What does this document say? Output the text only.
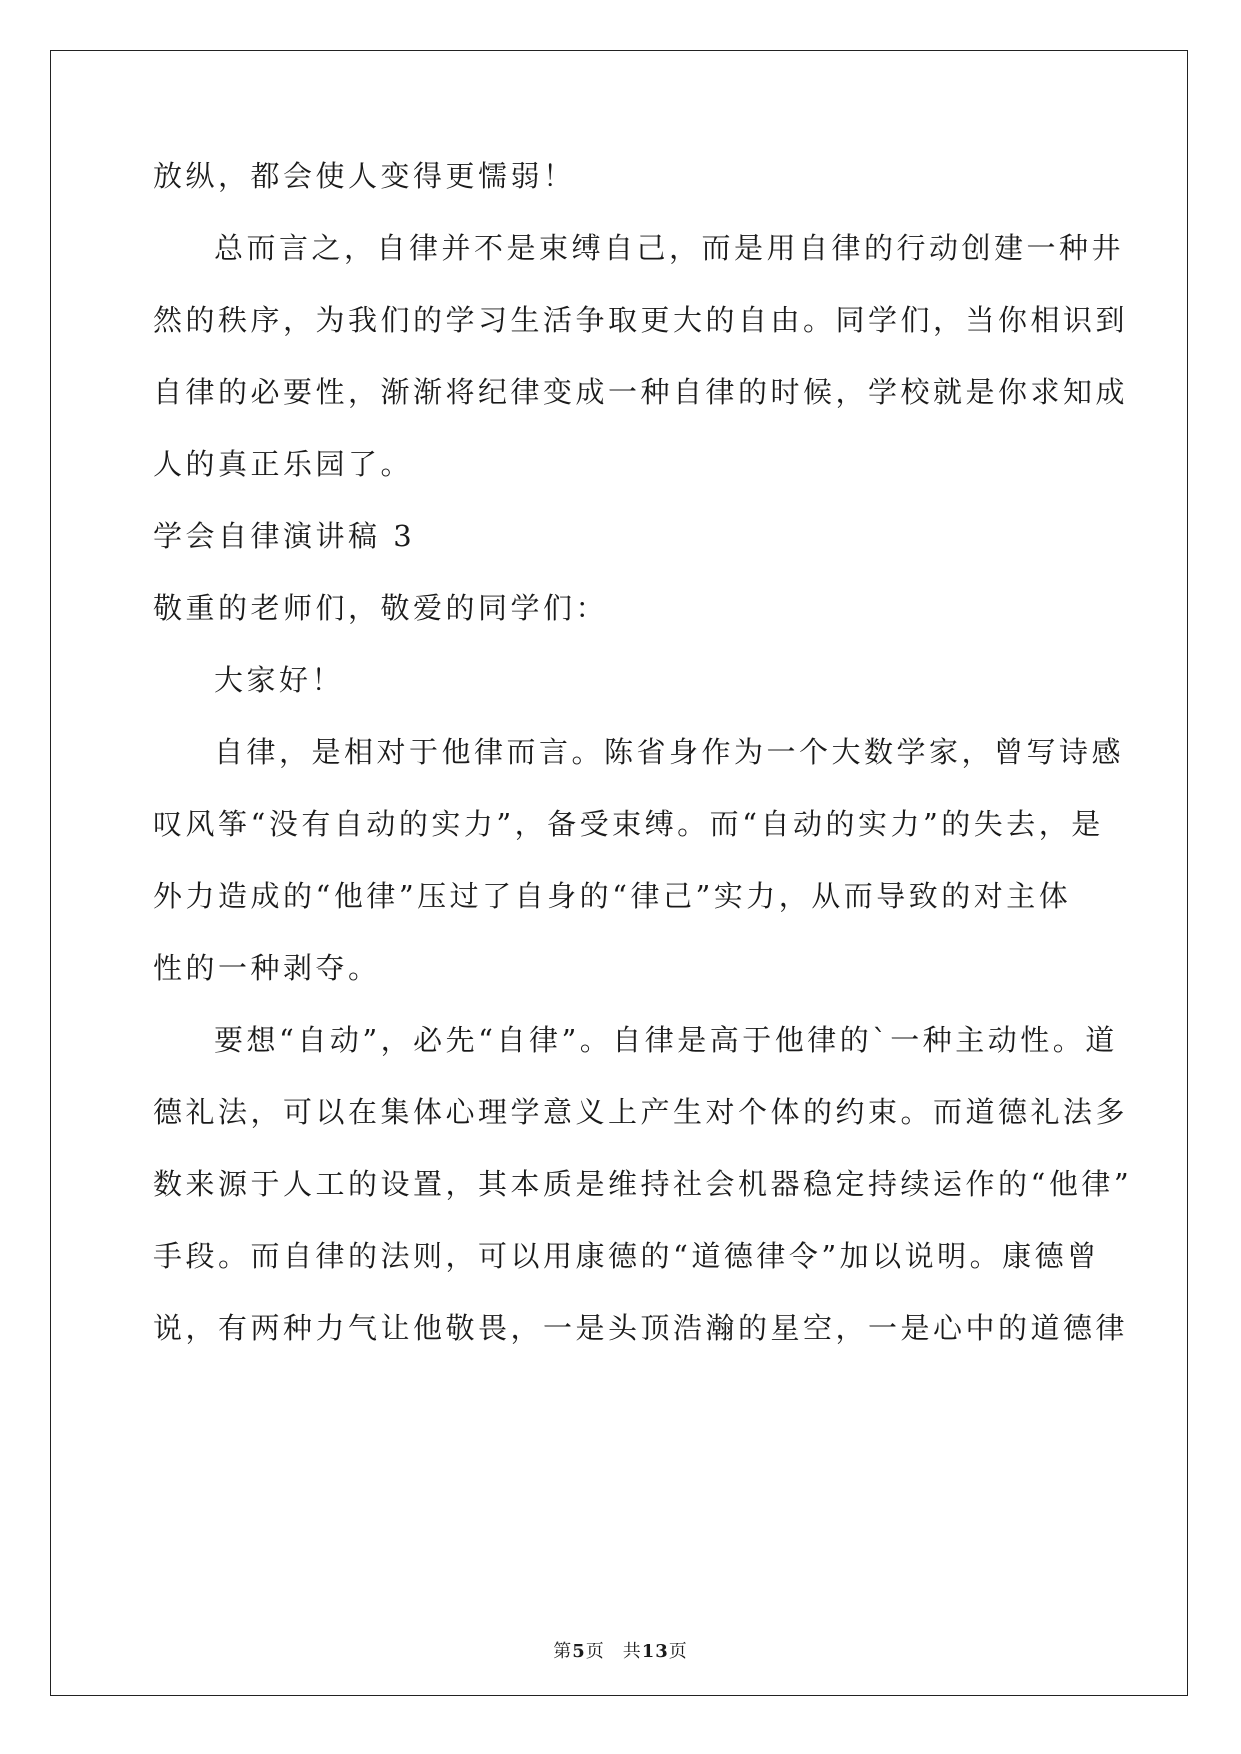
放纵，都会使人变得更懦弱！
总而言之，自律并不是束缚自己，而是用自律的行动创建一种井
然的秩序，为我们的学习生活争取更大的自由。同学们，当你相识到
自律的必要性，渐渐将纪律变成一种自律的时候，学校就是你求知成
人的真正乐园了。
学会自律演讲稿 3
敬重的老师们，敬爱的同学们：
大家好！
自律，是相对于他律而言。陈省身作为一个大数学家，曾写诗感
叹风筝“没有自动的实力”，备受束缚。而“自动的实力”的失去，是
外力造成的“他律”压过了自身的“律己”实力，从而导致的对主体
性的一种剥夺。
要想“自动”，必先“自律”。自律是高于他律的`一种主动性。道
德礼法，可以在集体心理学意义上产生对个体的约束。而道德礼法多
数来源于人工的设置，其本质是维持社会机器稳定持续运作的“他律”
手段。而自律的法则，可以用康德的“道德律令”加以说明。康德曾
说，有两种力气让他敬畏，一是头顶浩瀚的星空，一是心中的道德律
第5页 共13页
